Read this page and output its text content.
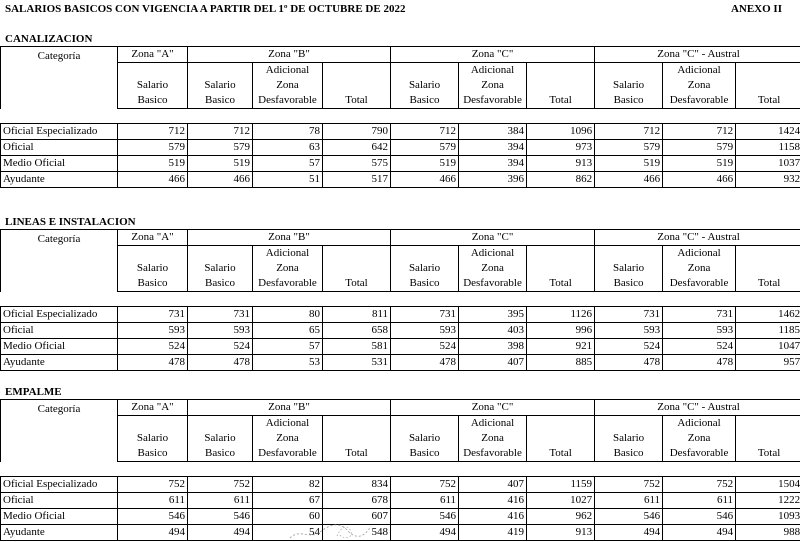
SALARIOS BASICOS CON VIGENCIA A PARTIR DEL 1º DE OCTUBRE DE 2022	ANEXO II
CANALIZACION
Categoría	Zona "A"	Zona "B"			Zona "C"			Zona "C" - Austral		
			Adicional			Adicional			Adicional	
	Salario	Salario	Zona		Salario	Zona		Salario	Zona	
	Basico	Basico	Desfavorable	Total	Basico	Desfavorable	Total	Basico	Desfavorable	Total

Oficial Especializado	712	712	78	790	712	384	1096	712	712	1424
Oficial	579	579	63	642	579	394	973	579	579	1158
Medio Oficial	519	519	57	575	519	394	913	519	519	1037
Ayudante	466	466	51	517	466	396	862	466	466	932
LINEAS E INSTALACION
Categoría	Zona "A"	Zona "B"			Zona "C"			Zona "C" - Austral		
			Adicional			Adicional			Adicional	
	Salario	Salario	Zona		Salario	Zona		Salario	Zona	
	Basico	Basico	Desfavorable	Total	Basico	Desfavorable	Total	Basico	Desfavorable	Total

Oficial Especializado	731	731	80	811	731	395	1126	731	731	1462
Oficial	593	593	65	658	593	403	996	593	593	1185
Medio Oficial	524	524	57	581	524	398	921	524	524	1047
Ayudante	478	478	53	531	478	407	885	478	478	957
EMPALME
Categoría	Zona "A"	Zona "B"			Zona "C"			Zona "C" - Austral		
			Adicional			Adicional			Adicional	
	Salario	Salario	Zona		Salario	Zona		Salario	Zona	
	Basico	Basico	Desfavorable	Total	Basico	Desfavorable	Total	Basico	Desfavorable	Total

Oficial Especializado	752	752	82	834	752	407	1159	752	752	1504
Oficial	611	611	67	678	611	416	1027	611	611	1222
Medio Oficial	546	546	60	607	546	416	962	546	546	1093
Ayudante	494	494	54	548	494	419	913	494	494	988
